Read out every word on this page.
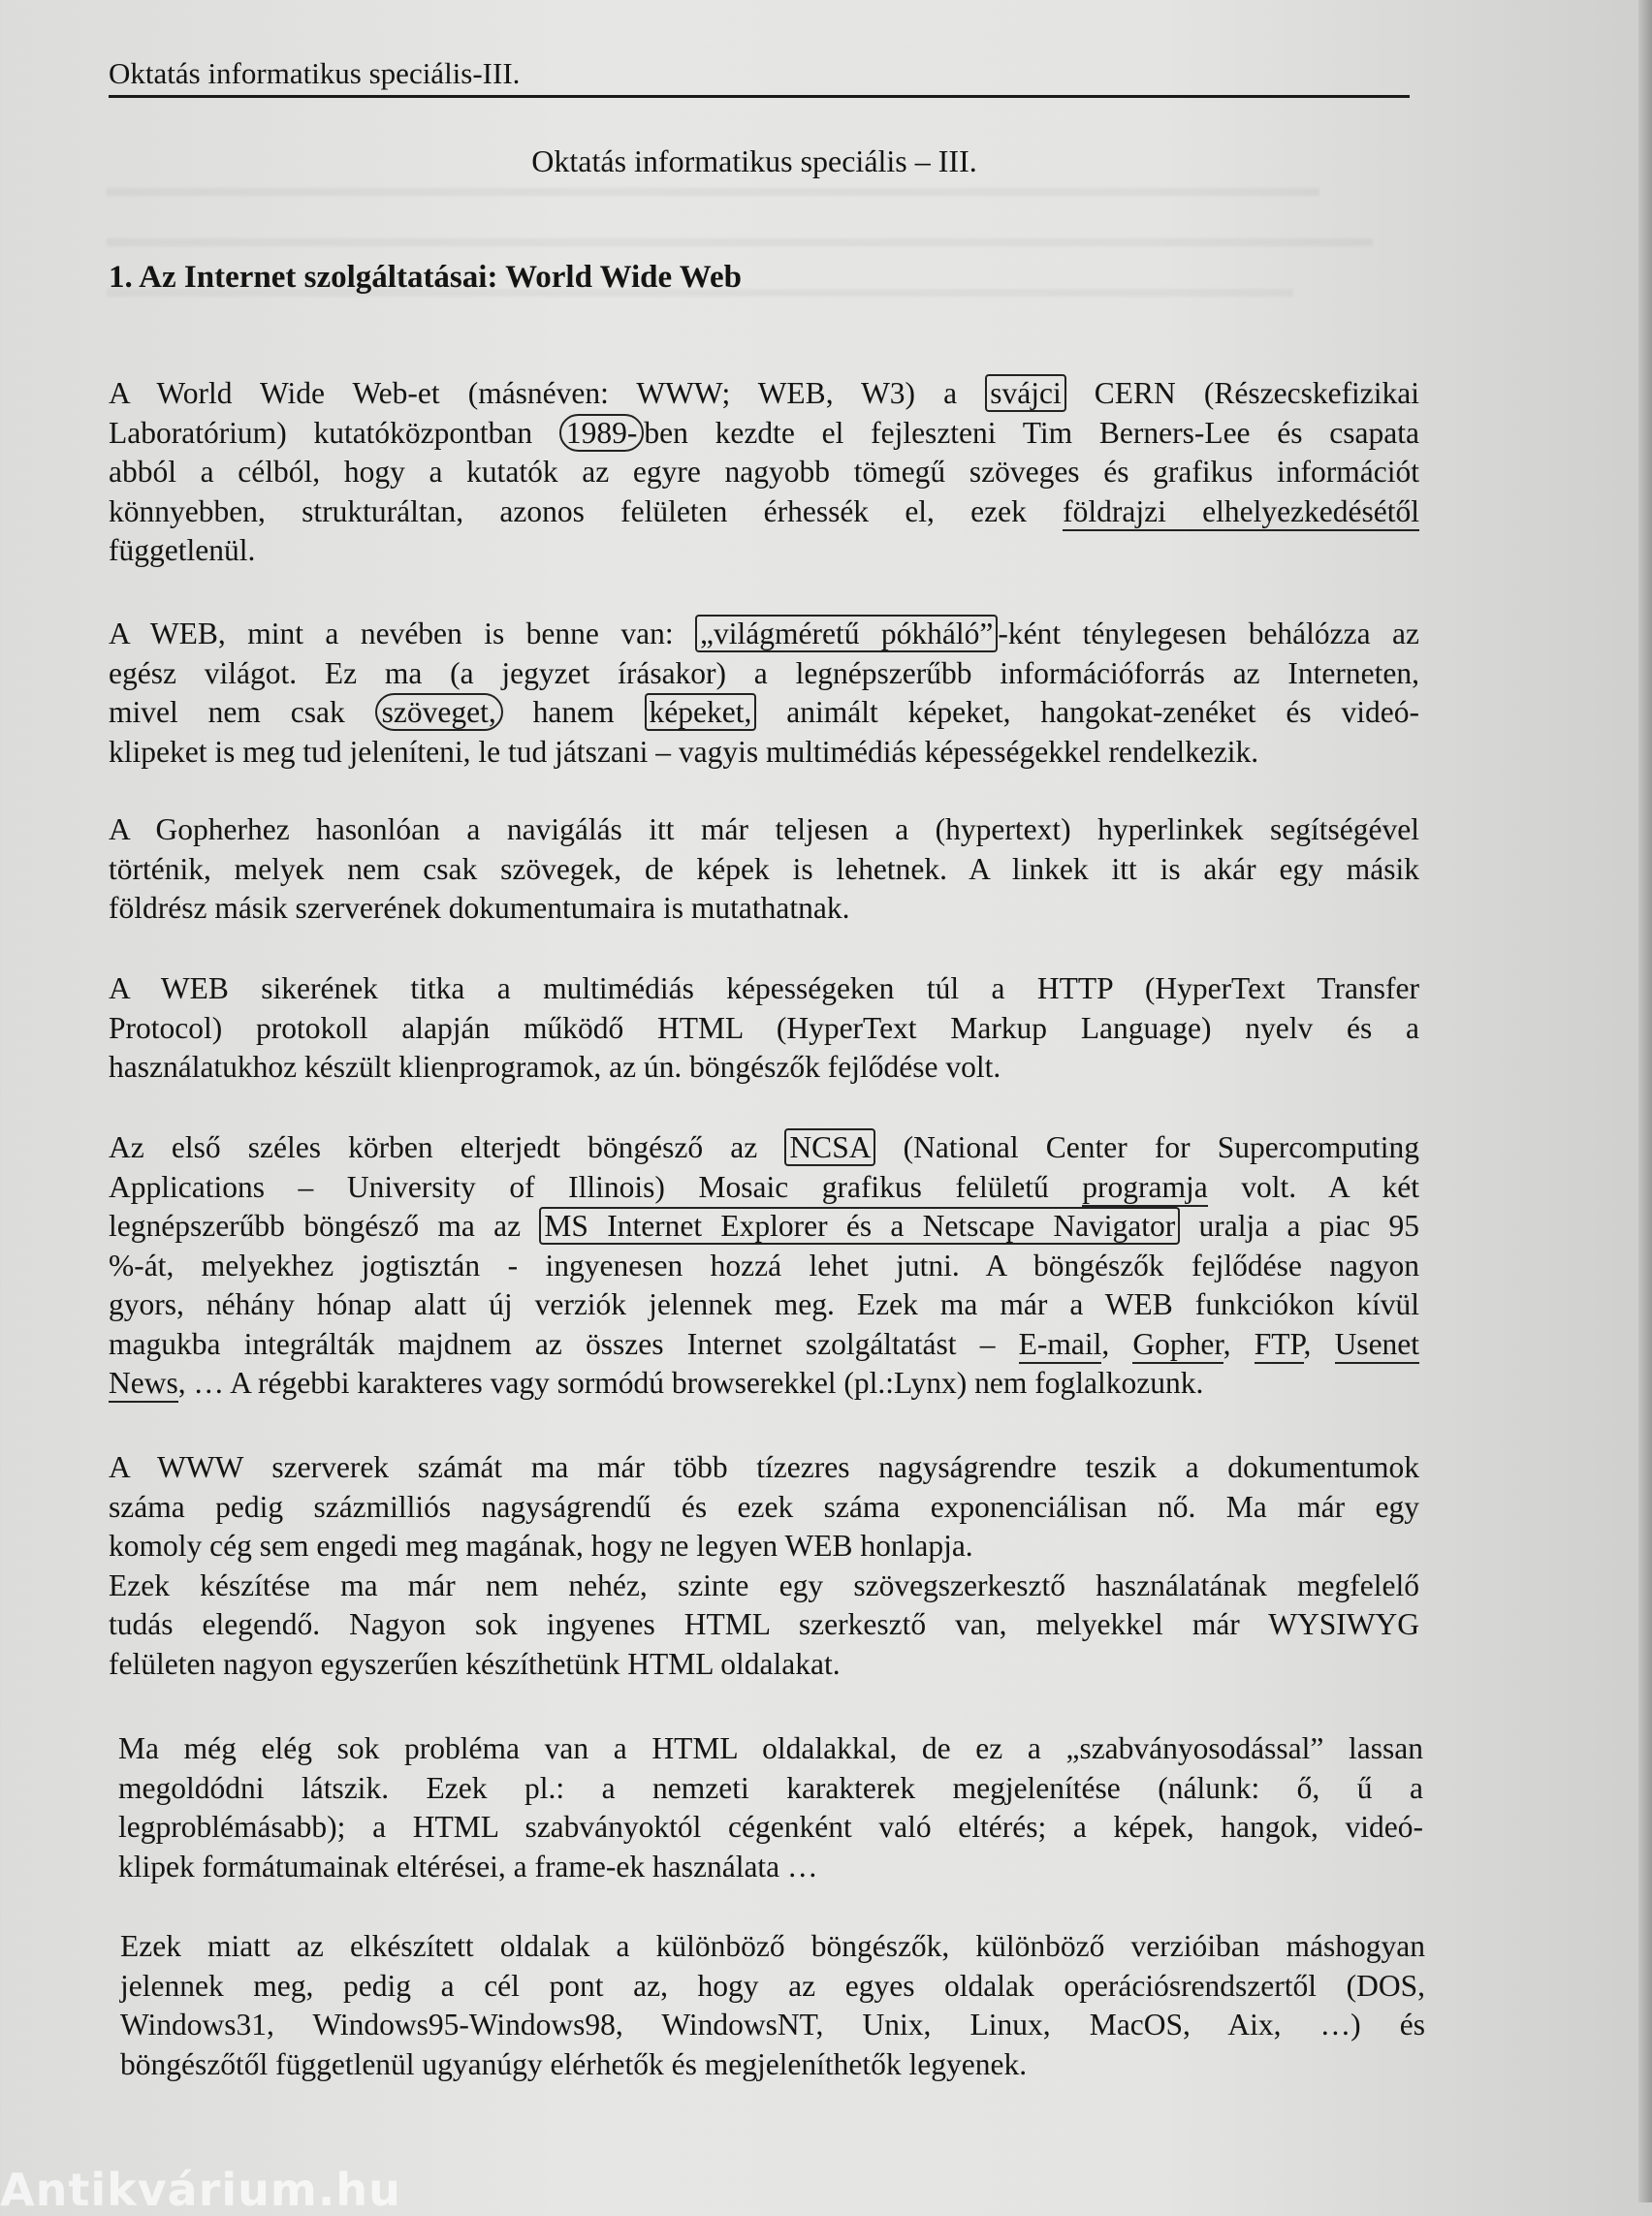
Oktatás informatikus speciális-III.
Oktatás informatikus speciális – III.
1. Az Internet szolgáltatásai: World Wide Web
A World Wide Web-et (másnéven: WWW; WEB, W3) a svájci CERN (Részecskefizikai
Laboratórium) kutatóközpontban 1989- ben kezdte el fejleszteni Tim Berners-Lee és csapata
abból a célból, hogy a kutatók az egyre nagyobb tömegű szöveges és grafikus információt
könnyebben, strukturáltan, azonos felületen érhessék el, ezek földrajzi elhelyezkedésétől
függetlenül.
A WEB, mint a nevében is benne van: „világméretű pókháló” -ként ténylegesen behálózza az
egész világot. Ez ma (a jegyzet írásakor) a legnépszerűbb információforrás az Interneten,
mivel nem csak szöveget, hanem képeket, animált képeket, hangokat-zenéket és videó-
klipeket is meg tud jeleníteni, le tud játszani – vagyis multimédiás képességekkel rendelkezik.
A Gopherhez hasonlóan a navigálás itt már teljesen a (hypertext) hyperlinkek segítségével
történik, melyek nem csak szövegek, de képek is lehetnek. A linkek itt is akár egy másik
földrész másik szerverének dokumentumaira is mutathatnak.
A WEB sikerének titka a multimédiás képességeken túl a HTTP (HyperText Transfer
Protocol) protokoll alapján működő HTML (HyperText Markup Language) nyelv és a
használatukhoz készült klienprogramok, az ún. böngészők fejlődése volt.
Az első széles körben elterjedt böngésző az NCSA (National Center for Supercomputing
Applications – University of Illinois) Mosaic grafikus felületű programja volt. A két
legnépszerűbb böngésző ma az MS Internet Explorer és a Netscape Navigator uralja a piac 95
%-át, melyekhez jogtisztán - ingyenesen hozzá lehet jutni. A böngészők fejlődése nagyon
gyors, néhány hónap alatt új verziók jelennek meg. Ezek ma már a WEB funkciókon kívül
magukba integrálták majdnem az összes Internet szolgáltatást – E-mail, Gopher, FTP, Usenet
News, … A régebbi karakteres vagy sormódú browserekkel (pl.:Lynx) nem foglalkozunk.
A WWW szerverek számát ma már több tízezres nagyságrendre teszik a dokumentumok
száma pedig százmilliós nagyságrendű és ezek száma exponenciálisan nő. Ma már egy
komoly cég sem engedi meg magának, hogy ne legyen WEB honlapja.
Ezek készítése ma már nem nehéz, szinte egy szövegszerkesztő használatának megfelelő
tudás elegendő. Nagyon sok ingyenes HTML szerkesztő van, melyekkel már WYSIWYG
felületen nagyon egyszerűen készíthetünk HTML oldalakat.
Ma még elég sok probléma van a HTML oldalakkal, de ez a „szabványosodással” lassan
megoldódni látszik. Ezek pl.: a nemzeti karakterek megjelenítése (nálunk: ő, ű a
legproblémásabb); a HTML szabványoktól cégenként való eltérés; a képek, hangok, videó-
klipek formátumainak eltérései, a frame-ek használata …
Ezek miatt az elkészített oldalak a különböző böngészők, különböző verzióiban máshogyan
jelennek meg, pedig a cél pont az, hogy az egyes oldalak operációsrendszertől (DOS,
Windows31, Windows95-Windows98, WindowsNT, Unix, Linux, MacOS, Aix, …) és
böngészőtől függetlenül ugyanúgy elérhetők és megjeleníthetők legyenek.
Antikvárium.hu
